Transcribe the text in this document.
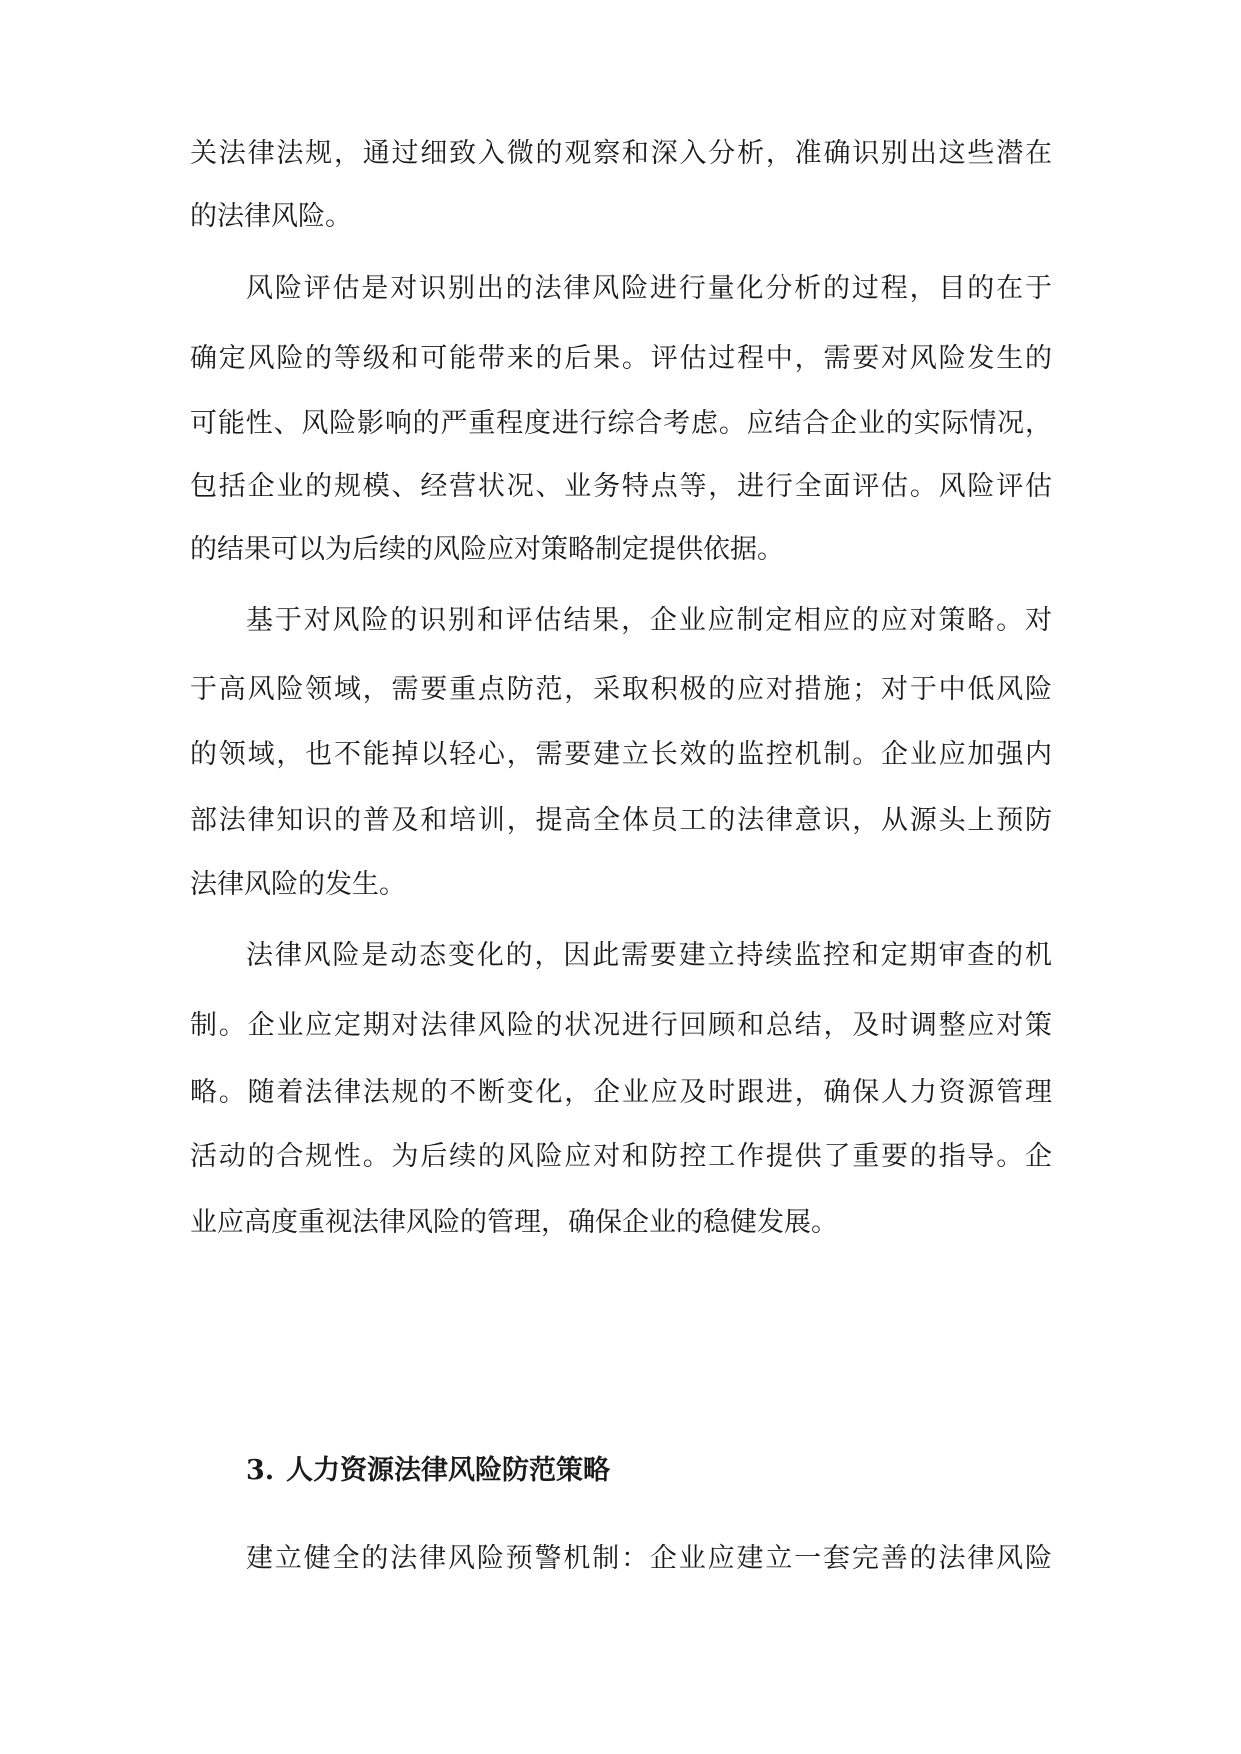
关法律法规，通过细致入微的观察和深入分析，准确识别出这些潜在
的法律风险。
风险评估是对识别出的法律风险进行量化分析的过程，目的在于
确定风险的等级和可能带来的后果。评估过程中，需要对风险发生的
可能性、风险影响的严重程度进行综合考虑。应结合企业的实际情况，
包括企业的规模、经营状况、业务特点等，进行全面评估。风险评估
的结果可以为后续的风险应对策略制定提供依据。
基于对风险的识别和评估结果，企业应制定相应的应对策略。对
于高风险领域，需要重点防范，采取积极的应对措施；对于中低风险
的领域，也不能掉以轻心，需要建立长效的监控机制。企业应加强内
部法律知识的普及和培训，提高全体员工的法律意识，从源头上预防
法律风险的发生。
法律风险是动态变化的，因此需要建立持续监控和定期审查的机
制。企业应定期对法律风险的状况进行回顾和总结，及时调整应对策
略。随着法律法规的不断变化，企业应及时跟进，确保人力资源管理
活动的合规性。为后续的风险应对和防控工作提供了重要的指导。企
业应高度重视法律风险的管理，确保企业的稳健发展。
3. 人力资源法律风险防范策略
建立健全的法律风险预警机制：企业应建立一套完善的法律风险
